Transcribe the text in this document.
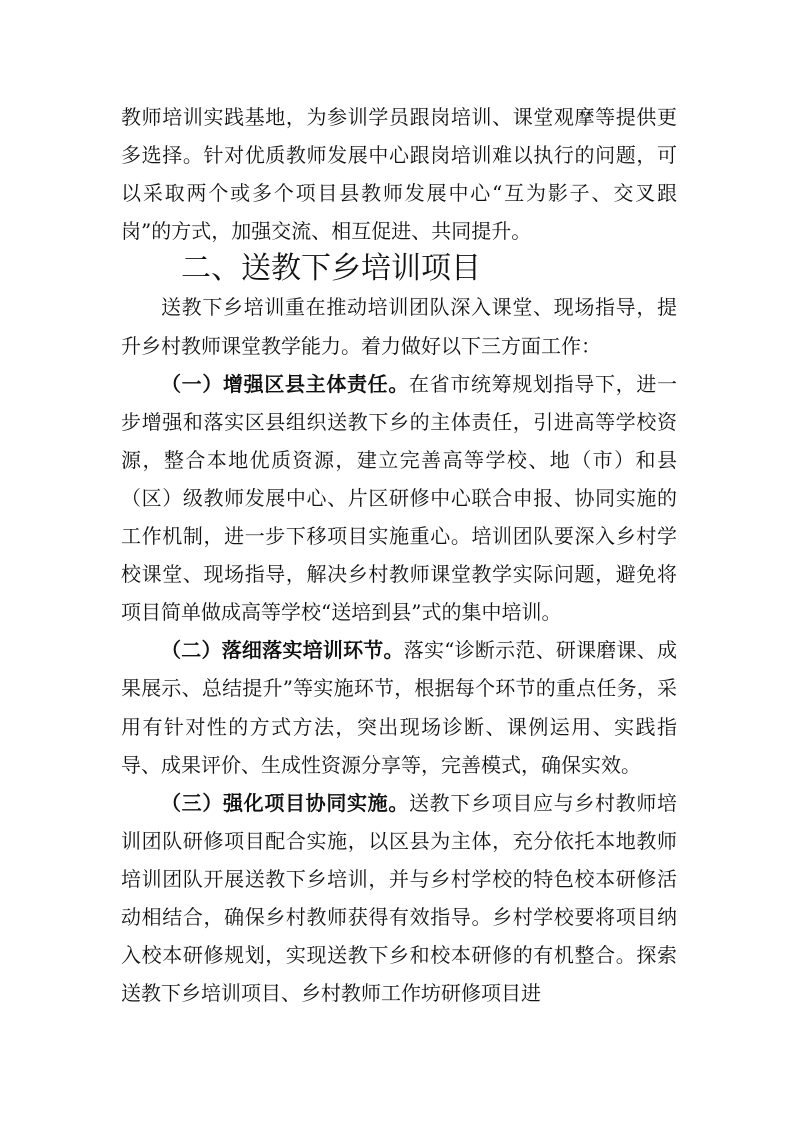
教师培训实践基地，为参训学员跟岗培训、课堂观摩等提供更多选择。针对优质教师发展中心跟岗培训难以执行的问题，可以采取两个或多个项目县教师发展中心“互为影子、交叉跟岗”的方式，加强交流、相互促进、共同提升。

二、送教下乡培训项目

送教下乡培训重在推动培训团队深入课堂、现场指导，提升乡村教师课堂教学能力。着力做好以下三方面工作：

（一）增强区县主体责任。在省市统筹规划指导下，进一步增强和落实区县组织送教下乡的主体责任，引进高等学校资源，整合本地优质资源，建立完善高等学校、地（市）和县（区）级教师发展中心、片区研修中心联合申报、协同实施的工作机制，进一步下移项目实施重心。培训团队要深入乡村学校课堂、现场指导，解决乡村教师课堂教学实际问题，避免将项目简单做成高等学校“送培到县”式的集中培训。

（二）落细落实培训环节。落实“诊断示范、研课磨课、成果展示、总结提升”等实施环节，根据每个环节的重点任务，采用有针对性的方式方法，突出现场诊断、课例运用、实践指导、成果评价、生成性资源分享等，完善模式，确保实效。

（三）强化项目协同实施。送教下乡项目应与乡村教师培训团队研修项目配合实施，以区县为主体，充分依托本地教师培训团队开展送教下乡培训，并与乡村学校的特色校本研修活动相结合，确保乡村教师获得有效指导。乡村学校要将项目纳入校本研修规划，实现送教下乡和校本研修的有机整合。探索送教下乡培训项目、乡村教师工作坊研修项目进
